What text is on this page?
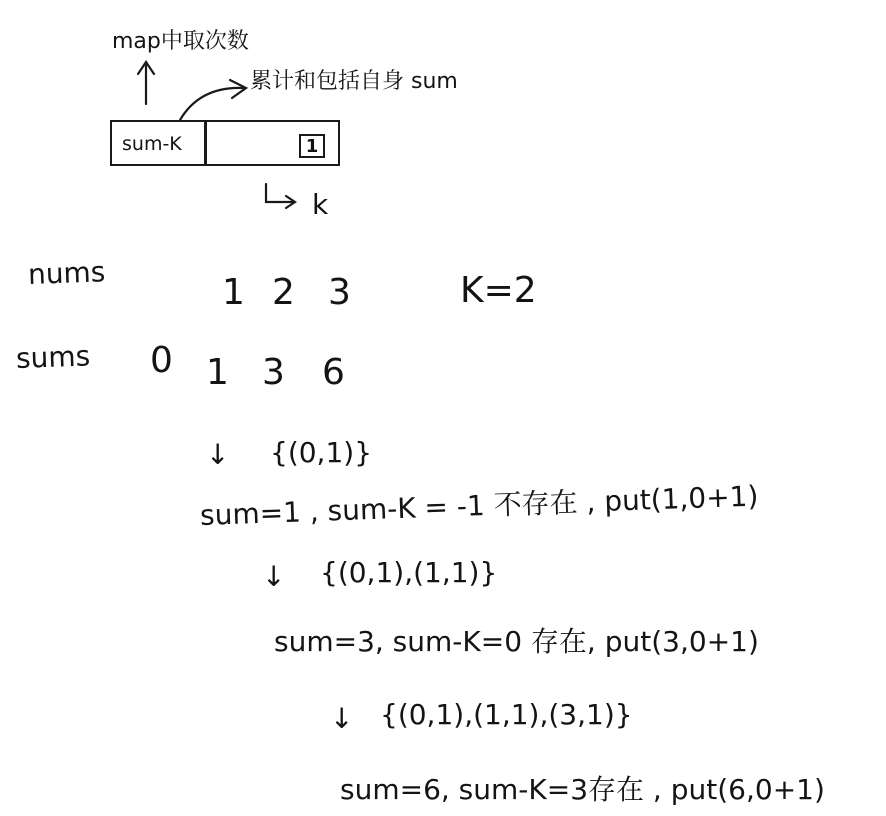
map中取次数
累计和包括自身 sum
sum-K	1
k
nums	1 2 3	K=2
sums 0 1 3 6
↓ {(0,1)}
sum=1 , sum-K = -1 不存在 , put(1,0+1)
↓ {(0,1),(1,1)}
sum=3, sum-K=0 存在, put(3,0+1)
↓ {(0,1),(1,1),(3,1)}
sum=6, sum-K=3存在 , put(6,0+1)
